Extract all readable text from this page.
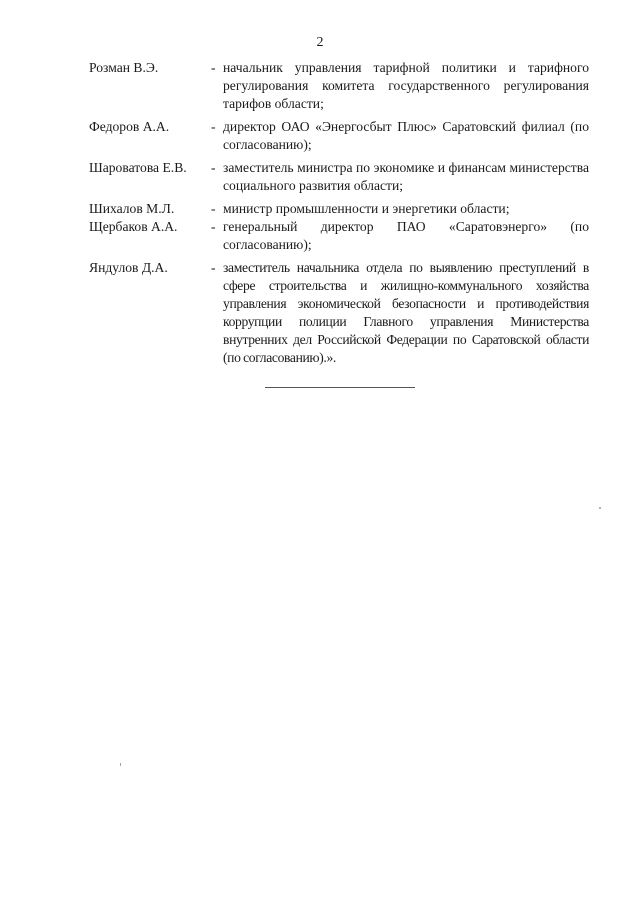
2
Розман В.Э.	- начальник управления тарифной политики и тарифного регулирования комитета государственного регулирования тарифов области;
Федоров А.А.	- директор ОАО «Энергосбыт Плюс» Саратовский филиал (по согласованию);
Шароватова Е.В.	- заместитель министра по экономике и финансам министерства социального развития области;
Шихалов М.Л.	- министр промышленности и энергетики области;
Щербаков А.А.	- генеральный директор ПАО «Саратовэнерго» (по согласованию);
Яндулов Д.А.	- заместитель начальника отдела по выявлению преступлений в сфере строительства и жилищно-коммунального хозяйства управления экономической безопасности и противодействия коррупции полиции Главного управления Министерства внутренних дел Российской Федерации по Саратовской области (по согласованию).».
